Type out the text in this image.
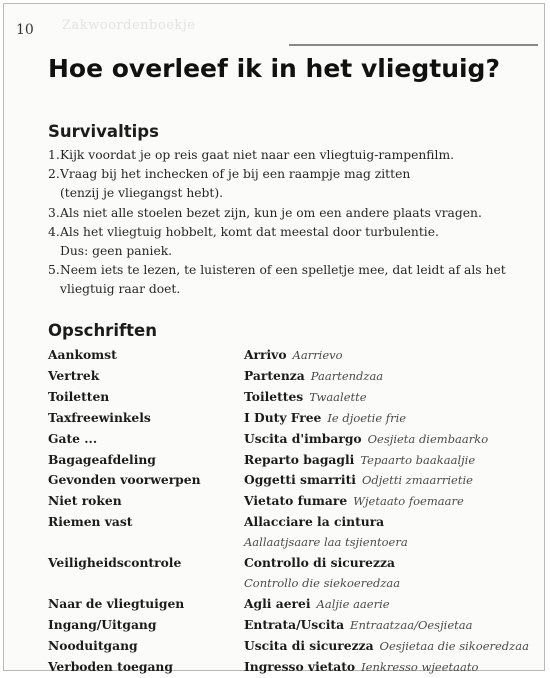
10 Zakwoordenboekje
Hoe overleef ik in het vliegtuig?
Survivaltips
1. Kijk voordat je op reis gaat niet naar een vliegtuig-rampenfilm.
2. Vraag bij het inchecken of je bij een raampje mag zitten
(tenzij je vliegangst hebt).
3. Als niet alle stoelen bezet zijn, kun je om een andere plaats vragen.
4. Als het vliegtuig hobbelt, komt dat meestal door turbulentie.
Dus: geen paniek.
5. Neem iets te lezen, te luisteren of een spelletje mee, dat leidt af als het
vliegtuig raar doet.
Opschriften
Aankomst	Arrivo Aarrievo
Vertrek	Partenza Paartendzaa
Toiletten	Toilettes Twaalette
Taxfreewinkels	I Duty Free Ie djoetie frie
Gate ...	Uscita d'imbargo Oesjieta diembaarko
Bagageafdeling	Reparto bagagli Tepaarto baakaaljie
Gevonden voorwerpen	Oggetti smarriti Odjetti zmaarrietie
Niet roken	Vietato fumare Wjetaato foemaare
Riemen vast	Allacciare la cintura
Aallaatjsaare laa tsjientoera
Veiligheidscontrole	Controllo di sicurezza
Controllo die siekoeredzaa
Naar de vliegtuigen	Agli aerei Aaljie aaerie
Ingang/Uitgang	Entrata/Uscita Entraatzaa/Oesjietaa
Nooduitgang	Uscita di sicurezza Oesjietaa die sikoeredzaa
Verboden toegang	Ingresso vietato Ienkresso wjeetaato
